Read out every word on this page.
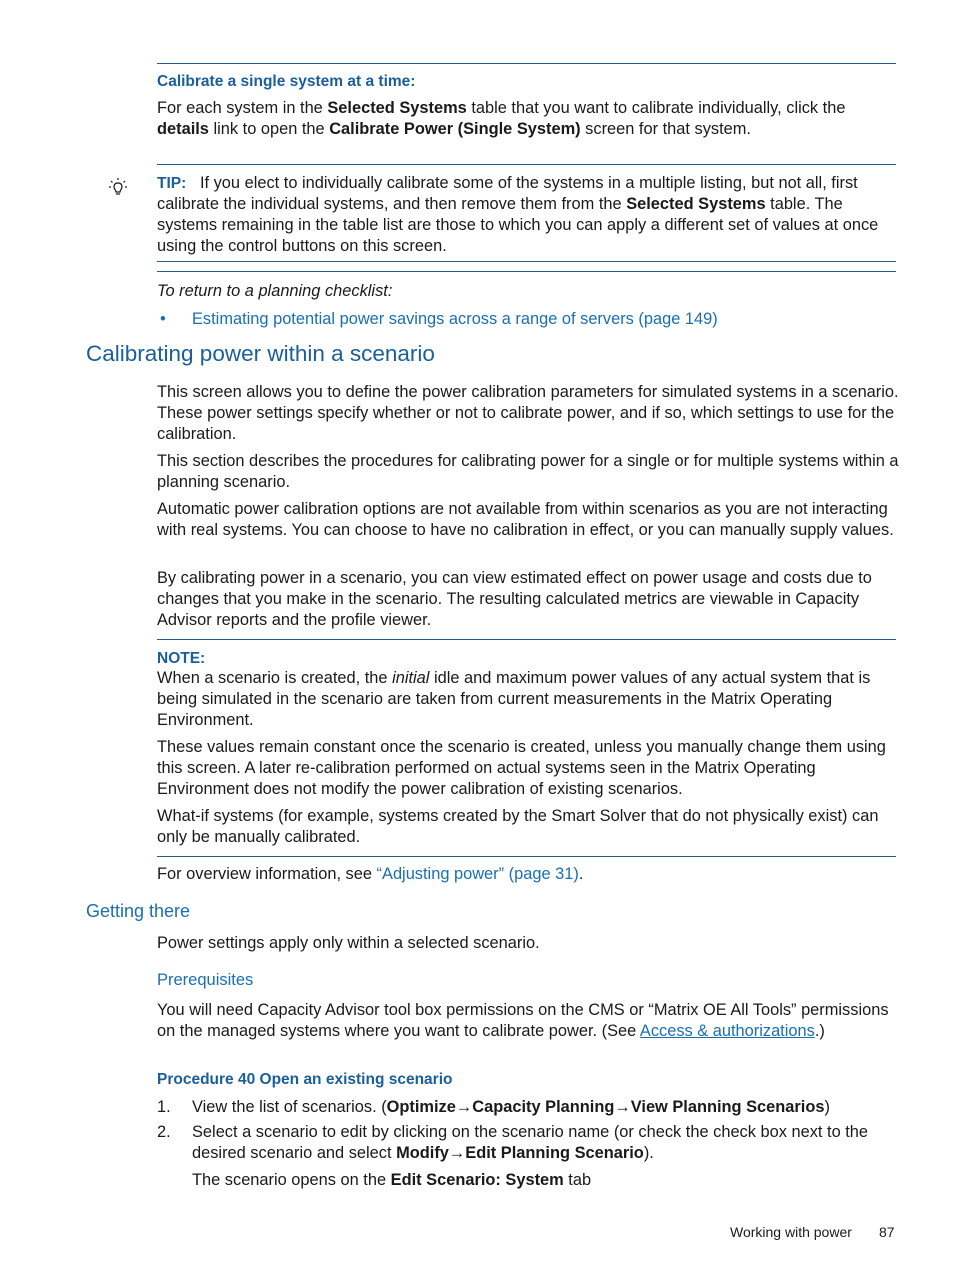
Calibrate a single system at a time:

For each system in the Selected Systems table that you want to calibrate individually, click the details link to open the Calibrate Power (Single System) screen for that system.

TIP: If you elect to individually calibrate some of the systems in a multiple listing, but not all, first calibrate the individual systems, and then remove them from the Selected Systems table. The systems remaining in the table list are those to which you can apply a different set of values at once using the control buttons on this screen.

To return to a planning checklist:

• Estimating potential power savings across a range of servers (page 149)
Calibrating power within a scenario

This screen allows you to define the power calibration parameters for simulated systems in a scenario. These power settings specify whether or not to calibrate power, and if so, which settings to use for the calibration.

This section describes the procedures for calibrating power for a single or for multiple systems within a planning scenario.

Automatic power calibration options are not available from within scenarios as you are not interacting with real systems. You can choose to have no calibration in effect, or you can manually supply values.

By calibrating power in a scenario, you can view estimated effect on power usage and costs due to changes that you make in the scenario. The resulting calculated metrics are viewable in Capacity Advisor reports and the profile viewer.

NOTE:

When a scenario is created, the initial idle and maximum power values of any actual system that is being simulated in the scenario are taken from current measurements in the Matrix Operating Environment.

These values remain constant once the scenario is created, unless you manually change them using this screen. A later re-calibration performed on actual systems seen in the Matrix Operating Environment does not modify the power calibration of existing scenarios.

What-if systems (for example, systems created by the Smart Solver that do not physically exist) can only be manually calibrated.

For overview information, see “Adjusting power” (page 31).

Getting there

Power settings apply only within a selected scenario.

Prerequisites

You will need Capacity Advisor tool box permissions on the CMS or “Matrix OE All Tools” permissions on the managed systems where you want to calibrate power. (See Access & authorizations.)

Procedure 40 Open an existing scenario
1. View the list of scenarios. (Optimize→Capacity Planning→View Planning Scenarios)

2. Select a scenario to edit by clicking on the scenario name (or check the check box next to the desired scenario and select Modify→Edit Planning Scenario).

The scenario opens on the Edit Scenario: System tab

Working with power 87
